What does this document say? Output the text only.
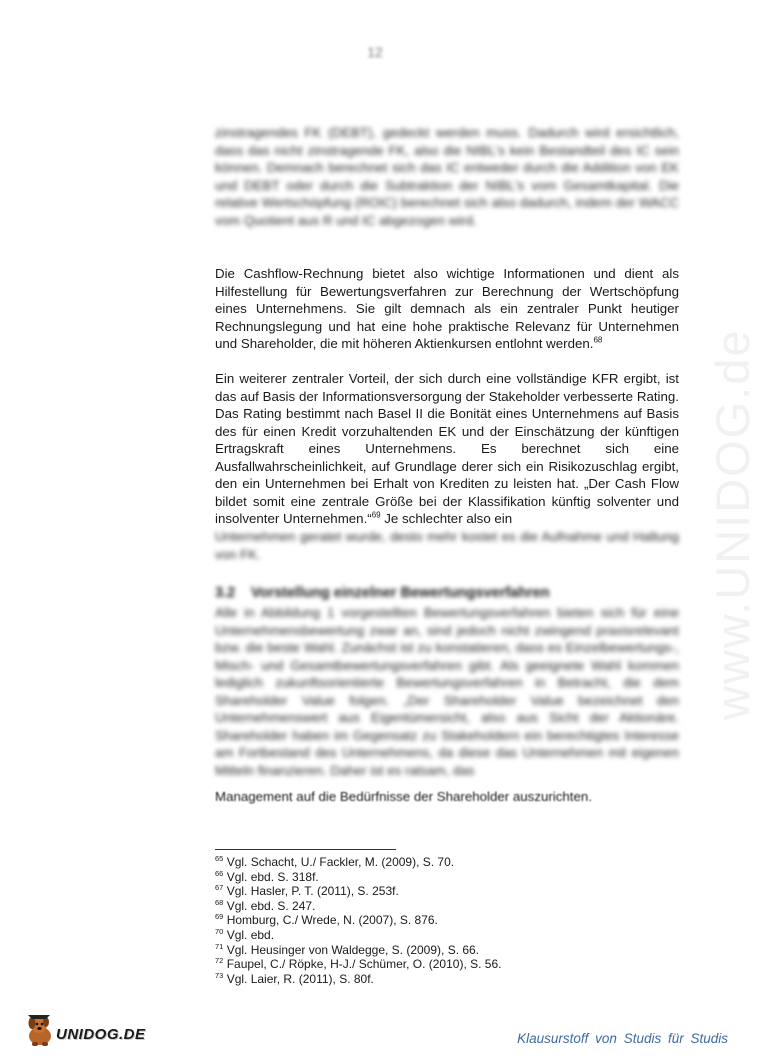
12
www.UNIDOG.de
zinstragendes FK (DEBT), gedeckt werden muss. Dadurch wird ersichtlich, dass das nicht zinstragende FK, also die NIBL's kein Bestandteil des IC sein können. Demnach berechnet sich das IC entweder durch die Addition von EK und DEBT oder durch die Subtraktion der NIBL's vom Gesamtkapital. Die relative Wertschöpfung (ROIC) berechnet sich also dadurch, indem der WACC vom Quotient aus R und IC abgezogen wird.
Die Cashflow-Rechnung bietet also wichtige Informationen und dient als Hilfestellung für Bewertungsverfahren zur Berechnung der Wertschöpfung eines Unternehmens. Sie gilt demnach als ein zentraler Punkt heutiger Rechnungslegung und hat eine hohe praktische Relevanz für Unternehmen und Shareholder, die mit höheren Aktienkursen entlohnt werden.$^{68}$
Ein weiterer zentraler Vorteil, der sich durch eine vollständige KFR ergibt, ist das auf Basis der Informationsversorgung der Stakeholder verbesserte Rating. Das Rating bestimmt nach Basel II die Bonität eines Unternehmens auf Basis des für einen Kredit vorzuhaltenden EK und der Einschätzung der künftigen Ertragskraft eines Unternehmens. Es berechnet sich eine Ausfallwahrscheinlichkeit, auf Grundlage derer sich ein Risikozuschlag ergibt, den ein Unternehmen bei Erhalt von Krediten zu leisten hat. „Der Cash Flow bildet somit eine zentrale Größe bei der Klassifikation künftig solventer und insolventer Unternehmen.“$^{69}$ Je schlechter also ein
Unternehmen geratet wurde, desto mehr kostet es die Aufnahme und Haltung von FK.
3.2 Vorstellung einzelner Bewertungsverfahren
Alle in Abbildung 1 vorgestellten Bewertungsverfahren bieten sich für eine Unternehmensbewertung zwar an, sind jedoch nicht zwingend praxisrelevant bzw. die beste Wahl. Zunächst ist zu konstatieren, dass es Einzelbewertungs-, Misch- und Gesamtbewertungsverfahren gibt. Als geeignete Wahl kommen lediglich zukunftsorientierte Bewertungsverfahren in Betracht, die dem Shareholder Value folgen. „Der Shareholder Value bezeichnet den Unternehmenswert aus Eigentümersicht, also aus Sicht der Aktionäre. Shareholder haben im Gegensatz zu Stakeholdern ein berechtigtes Interesse am Fortbestand des Unternehmens, da diese das Unternehmen mit eigenen Mitteln finanzieren. Daher ist es ratsam, das
Management auf die Bedürfnisse der Shareholder auszurichten.
$^{65}$ Vgl. Schacht, U./ Fackler, M. (2009), S. 70.
$^{66}$ Vgl. ebd. S. 318f.
$^{67}$ Vgl. Hasler, P. T. (2011), S. 253f.
$^{68}$ Vgl. ebd. S. 247.
$^{69}$ Homburg, C./ Wrede, N. (2007), S. 876.
$^{70}$ Vgl. ebd.
$^{71}$ Vgl. Heusinger von Waldegge, S. (2009), S. 66.
$^{72}$ Faupel, C./ Röpke, H-J./ Schümer, O. (2010), S. 56.
$^{73}$ Vgl. Laier, R. (2011), S. 80f.
UNIDOG.DE	Klausurstoff von Studis für Studis
